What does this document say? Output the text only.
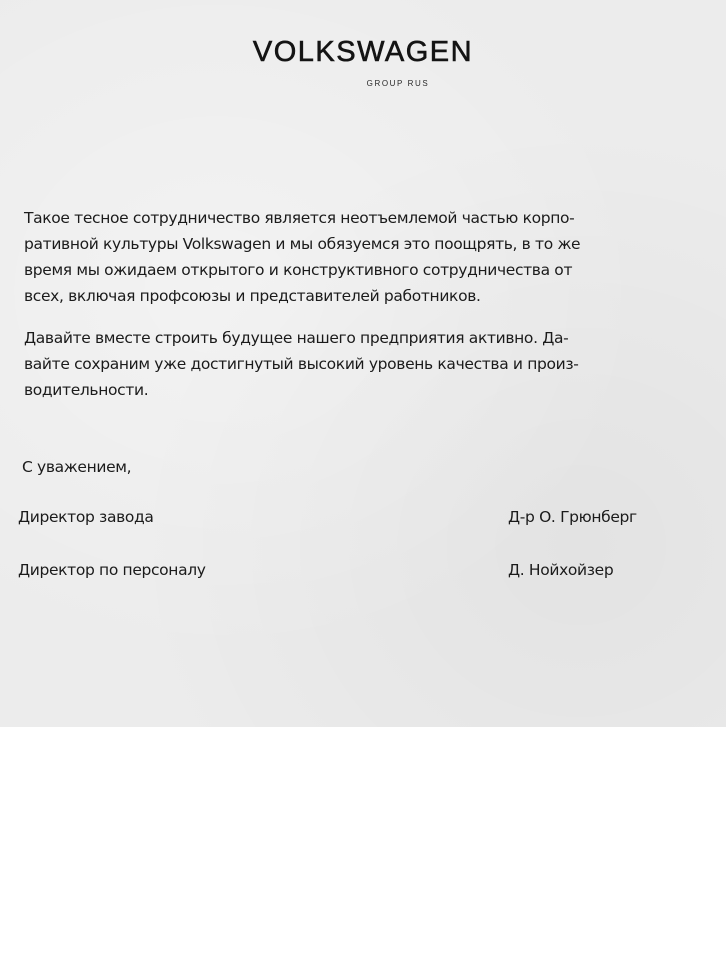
VOLKSWAGEN
GROUP RUS

Такое тесное сотрудничество является неотъемлемой частью корпо-
ративной культуры Volkswagen и мы обязуемся это поощрять, в то же
время мы ожидаем открытого и конструктивного сотрудничества от
всех, включая профсоюзы и представителей работников.

Давайте вместе строить будущее нашего предприятия активно. Да-
вайте сохраним уже достигнутый высокий уровень качества и произ-
водительности.

С уважением,
Директор завода	Д-р О. Грюнберг
Директор по персоналу	Д. Нойхойзер
